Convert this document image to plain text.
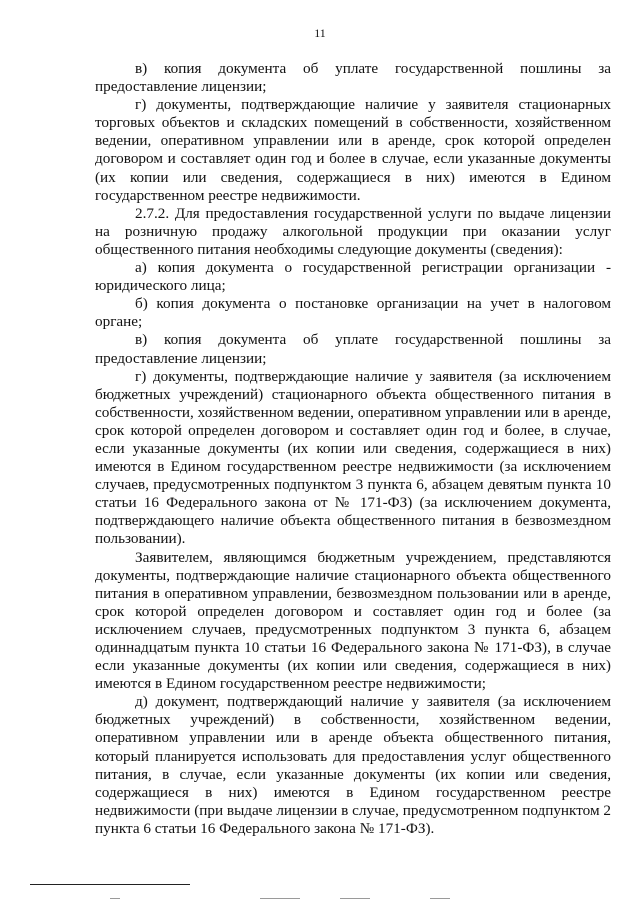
11

в) копия документа об уплате государственной пошлины за предоставление лицензии;

г) документы, подтверждающие наличие у заявителя стационарных торговых объектов и складских помещений в собственности, хозяйственном ведении, оперативном управлении или в аренде, срок которой определен договором и составляет один год и более в случае, если указанные документы (их копии или сведения, содержащиеся в них) имеются в Едином государственном реестре недвижимости.

2.7.2. Для предоставления государственной услуги по выдаче лицензии на розничную продажу алкогольной продукции при оказании услуг общественного питания необходимы следующие документы (сведения):

а) копия документа о государственной регистрации организации - юридического лица;

б) копия документа о постановке организации на учет в налоговом органе;

в) копия документа об уплате государственной пошлины за предоставление лицензии;

г) документы, подтверждающие наличие у заявителя (за исключением бюджетных учреждений) стационарного объекта общественного питания в собственности, хозяйственном ведении, оперативном управлении или в аренде, срок которой определен договором и составляет один год и более, в случае, если указанные документы (их копии или сведения, содержащиеся в них) имеются в Едином государственном реестре недвижимости (за исключением случаев, предусмотренных подпунктом 3 пункта 6, абзацем девятым пункта 10 статьи 16 Федерального закона от № 171-ФЗ) (за исключением документа, подтверждающего наличие объекта общественного питания в безвозмездном пользовании).

Заявителем, являющимся бюджетным учреждением, представляются документы, подтверждающие наличие стационарного объекта общественного питания в оперативном управлении, безвозмездном пользовании или в аренде, срок которой определен договором и составляет один год и более (за исключением случаев, предусмотренных подпунктом 3 пункта 6, абзацем одиннадцатым пункта 10 статьи 16 Федерального закона № 171-ФЗ), в случае если указанные документы (их копии или сведения, содержащиеся в них) имеются в Едином государственном реестре недвижимости;

д) документ, подтверждающий наличие у заявителя (за исключением бюджетных учреждений) в собственности, хозяйственном ведении, оперативном управлении или в аренде объекта общественного питания, который планируется использовать для предоставления услуг общественного питания, в случае, если указанные документы (их копии или сведения, содержащиеся в них) имеются в Едином государственном реестре недвижимости (при выдаче лицензии в случае, предусмотренном подпунктом 2 пункта 6 статьи 16 Федерального закона № 171-ФЗ).
